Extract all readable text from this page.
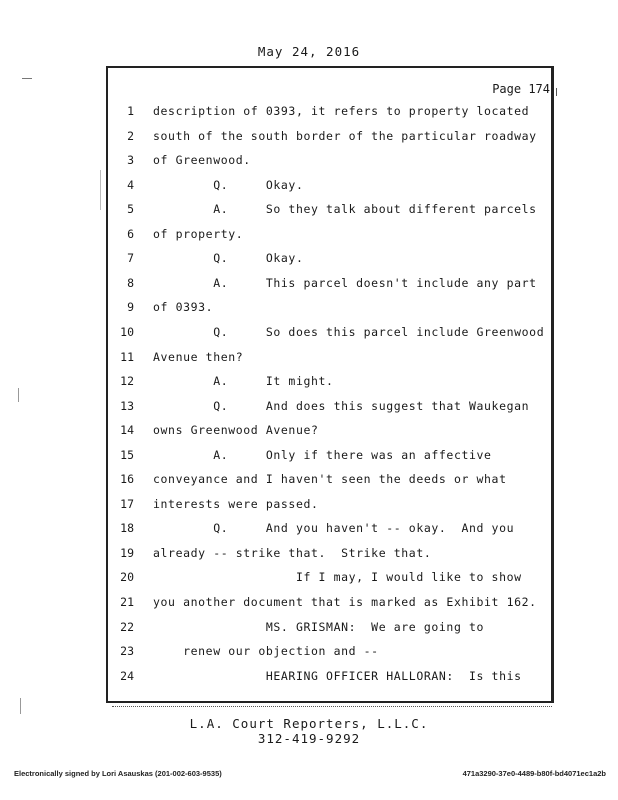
May 24, 2016
Page 174
1 description of 0393, it refers to property located
2 south of the south border of the particular roadway
3 of Greenwood.
4 Q.     Okay.
5 A.     So they talk about different parcels
6 of property.
7 Q.     Okay.
8 A.     This parcel doesn't include any part
9 of 0393.
10 Q.     So does this parcel include Greenwood
11 Avenue then?
12 A.     It might.
13 Q.     And does this suggest that Waukegan
14 owns Greenwood Avenue?
15 A.     Only if there was an affective
16 conveyance and I haven't seen the deeds or what
17 interests were passed.
18 Q.     And you haven't -- okay.  And you
19 already -- strike that.  Strike that.
20 If I may, I would like to show
21 you another document that is marked as Exhibit 162.
22 MS. GRISMAN:  We are going to
23 renew our objection and --
24 HEARING OFFICER HALLORAN:  Is this
L.A. Court Reporters, L.L.C.
312-419-9292
Electronically signed by Lori Asauskas (201-002-603-9535)	471a3290-37e0-4489-b80f-bd4071ec1a2b
